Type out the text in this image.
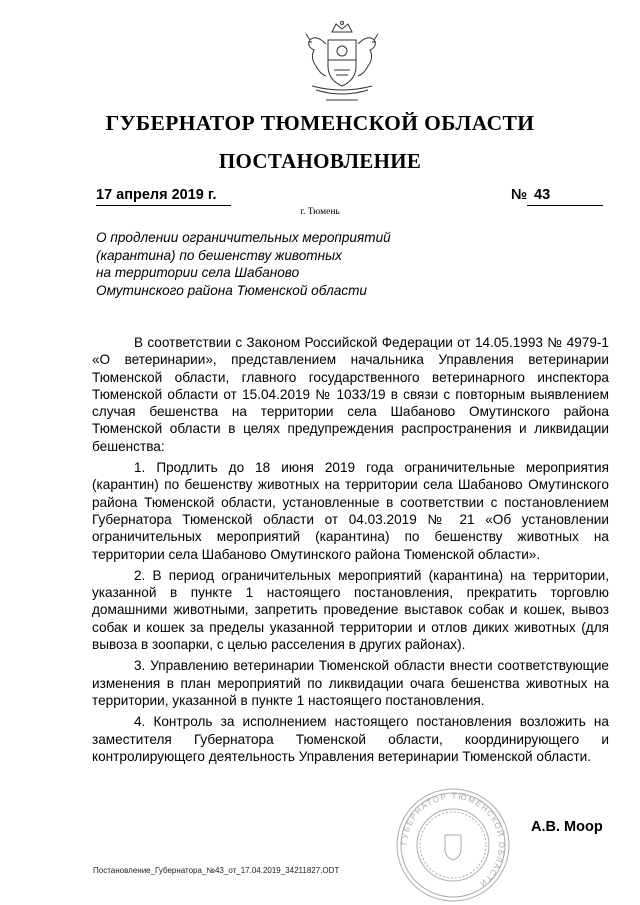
ГУБЕРНАТОР ТЮМЕНСКОЙ ОБЛАСТИ
ПОСТАНОВЛЕНИЕ
17 апреля 2019 г.	№ 43
г. Тюмень
О продлении ограничительных мероприятий
(карантина) по бешенству животных
на территории села Шабаново
Омутинского района Тюменской области

В соответствии с Законом Российской Федерации от 14.05.1993 № 4979-1 «О ветеринарии», представлением начальника Управления ветеринарии Тюменской области, главного государственного ветеринарного инспектора Тюменской области от 15.04.2019 № 1033/19 в связи с повторным выявлением случая бешенства на территории села Шабаново Омутинского района Тюменской области в целях предупреждения распространения и ликвидации бешенства:

1. Продлить до 18 июня 2019 года ограничительные мероприятия (карантин) по бешенству животных на территории села Шабаново Омутинского района Тюменской области, установленные в соответствии с постановлением Губернатора Тюменской области от 04.03.2019 № 21 «Об установлении ограничительных мероприятий (карантина) по бешенству животных на территории села Шабаново Омутинского района Тюменской области».

2. В период ограничительных мероприятий (карантина) на территории, указанной в пункте 1 настоящего постановления, прекратить торговлю домашними животными, запретить проведение выставок собак и кошек, вывоз собак и кошек за пределы указанной территории и отлов диких животных (для вывоза в зоопарки, с целью расселения в других районах).

3. Управлению ветеринарии Тюменской области внести соответствующие изменения в план мероприятий по ликвидации очага бешенства животных на территории, указанной в пункте 1 настоящего постановления.

4. Контроль за исполнением настоящего постановления возложить на заместителя Губернатора Тюменской области, координирующего и контролирующего деятельность Управления ветеринарии Тюменской области.

ГУБЕРНАТОР ТЮМЕНСКОЙ ОБЛАСТИ
А.В. Моор
Постановление_Губернатора_№43_от_17.04.2019_34211827.ODT
